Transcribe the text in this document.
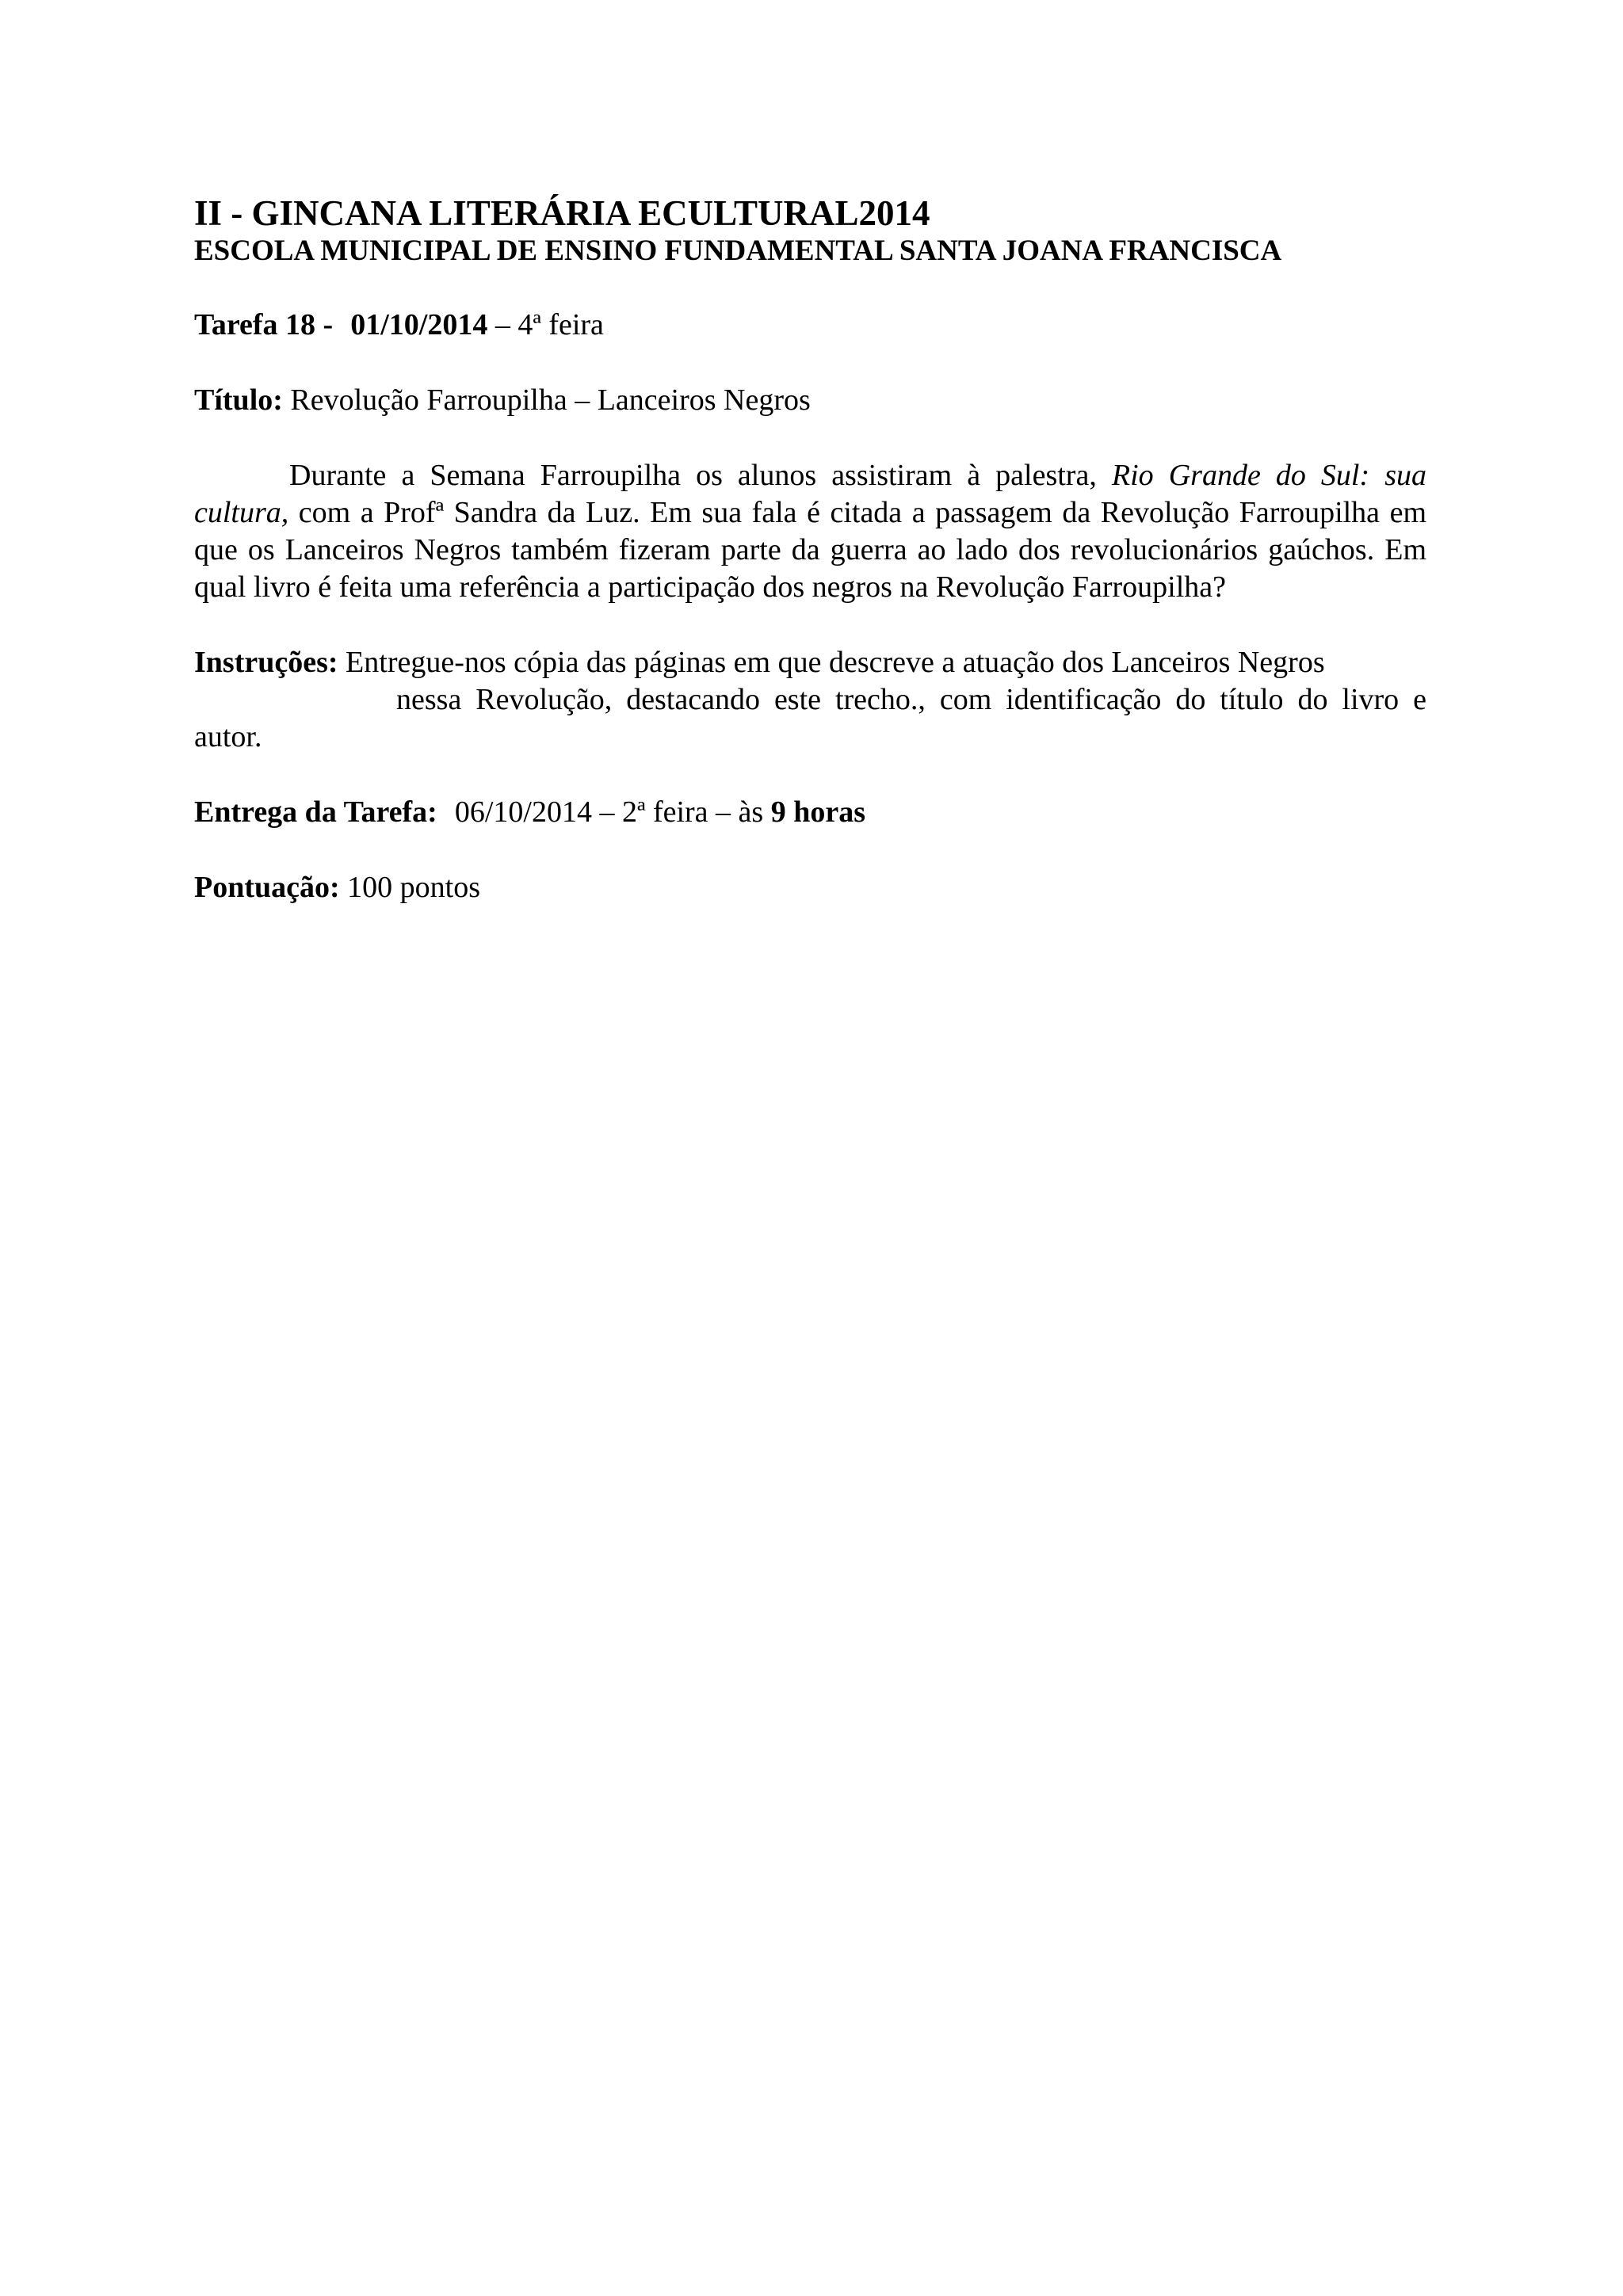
II - GINCANA LITERÁRIA ECULTURAL2014

ESCOLA MUNICIPAL DE ENSINO FUNDAMENTAL SANTA JOANA FRANCISCA

Tarefa 18 - 01/10/2014 – 4ª feira

Título: Revolução Farroupilha – Lanceiros Negros

Durante a Semana Farroupilha os alunos assistiram à palestra, Rio Grande do Sul: sua cultura, com a Profª Sandra da Luz. Em sua fala é citada a passagem da Revolução Farroupilha em que os Lanceiros Negros também fizeram parte da guerra ao lado dos revolucionários gaúchos. Em qual livro é feita uma referência a participação dos negros na Revolução Farroupilha?

Instruções: Entregue-nos cópia das páginas em que descreve a atuação dos Lanceiros Negros
nessa Revolução, destacando este trecho., com identificação do título do livro e
autor.

Entrega da Tarefa: 06/10/2014 – 2ª feira – às 9 horas

Pontuação: 100 pontos
